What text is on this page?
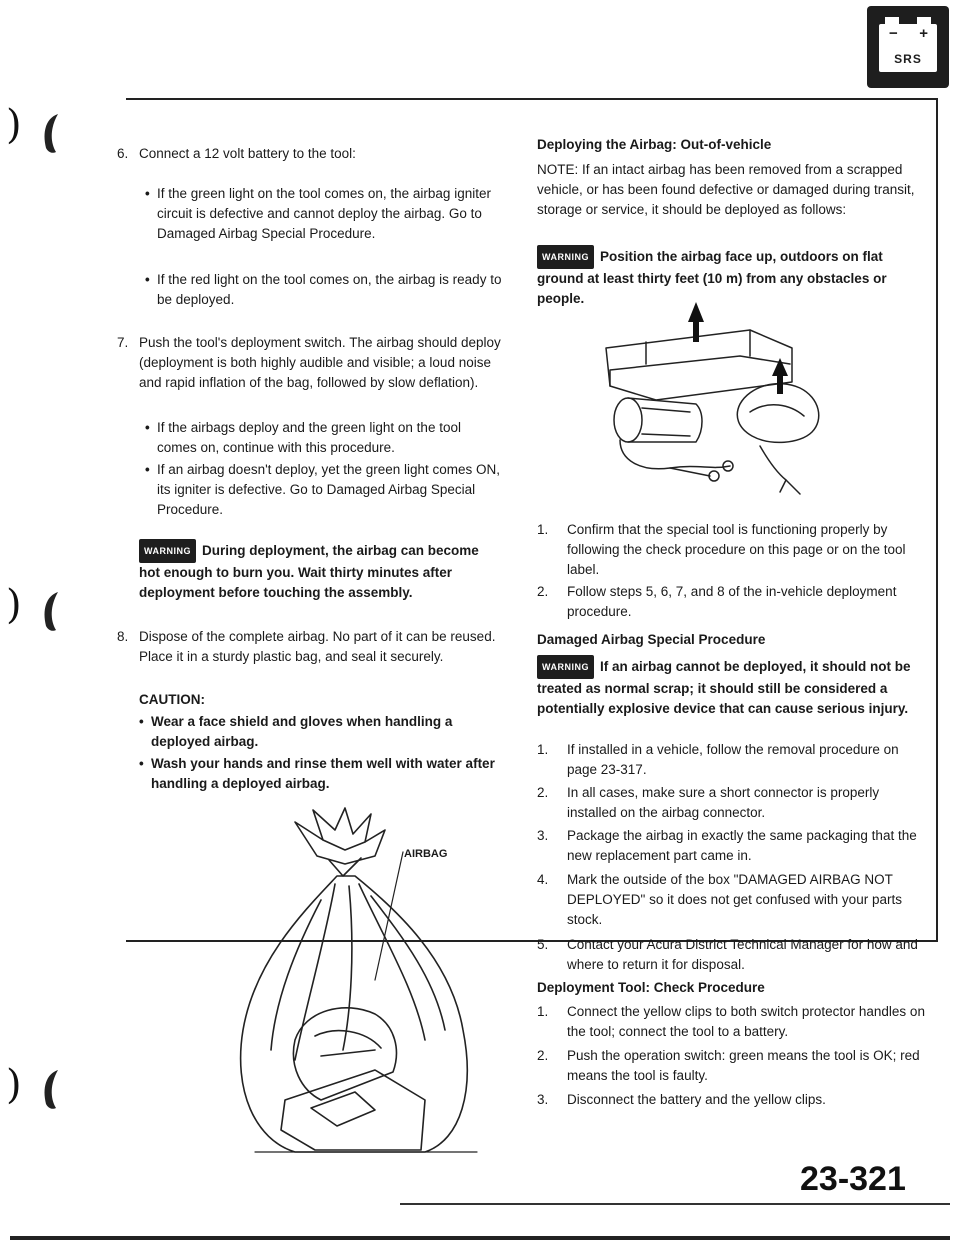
− +
SRS
)
)
)
6. Connect a 12 volt battery to the tool:
• If the green light on the tool comes on, the airbag igniter circuit is defective and cannot deploy the airbag. Go to Damaged Airbag Special Procedure.
• If the red light on the tool comes on, the airbag is ready to be deployed.
7. Push the tool's deployment switch. The airbag should deploy (deployment is both highly audible and visible; a loud noise and rapid inflation of the bag, followed by slow deflation).
• If the airbags deploy and the green light on the tool comes on, continue with this procedure.
• If an airbag doesn't deploy, yet the green light comes ON, its igniter is defective. Go to Damaged Airbag Special Procedure.
WARNING During deployment, the airbag can become hot enough to burn you. Wait thirty minutes after deployment before touching the assembly.
8. Dispose of the complete airbag. No part of it can be reused. Place it in a sturdy plastic bag, and seal it securely.
CAUTION:
• Wear a face shield and gloves when handling a deployed airbag.
• Wash your hands and rinse them well with water after handling a deployed airbag.
AIRBAG
Deploying the Airbag: Out-of-vehicle
NOTE: If an intact airbag has been removed from a scrapped vehicle, or has been found defective or damaged during transit, storage or service, it should be deployed as follows:
WARNING Position the airbag face up, outdoors on flat ground at least thirty feet (10 m) from any obstacles or people.
1.	Confirm that the special tool is functioning properly by following the check procedure on this page or on the tool label.
2.	Follow steps 5, 6, 7, and 8 of the in-vehicle deployment procedure.
Damaged Airbag Special Procedure
WARNING If an airbag cannot be deployed, it should not be treated as normal scrap; it should still be considered a potentially explosive device that can cause serious injury.
1.	If installed in a vehicle, follow the removal procedure on page 23-317.
2.	In all cases, make sure a short connector is properly installed on the airbag connector.
3.	Package the airbag in exactly the same packaging that the new replacement part came in.
4.	Mark the outside of the box "DAMAGED AIRBAG NOT DEPLOYED" so it does not get confused with your parts stock.
5.	Contact your Acura District Technical Manager for how and where to return it for disposal.
Deployment Tool: Check Procedure
1.	Connect the yellow clips to both switch protector handles on the tool; connect the tool to a battery.
2.	Push the operation switch: green means the tool is OK; red means the tool is faulty.
3.	Disconnect the battery and the yellow clips.
23-321
